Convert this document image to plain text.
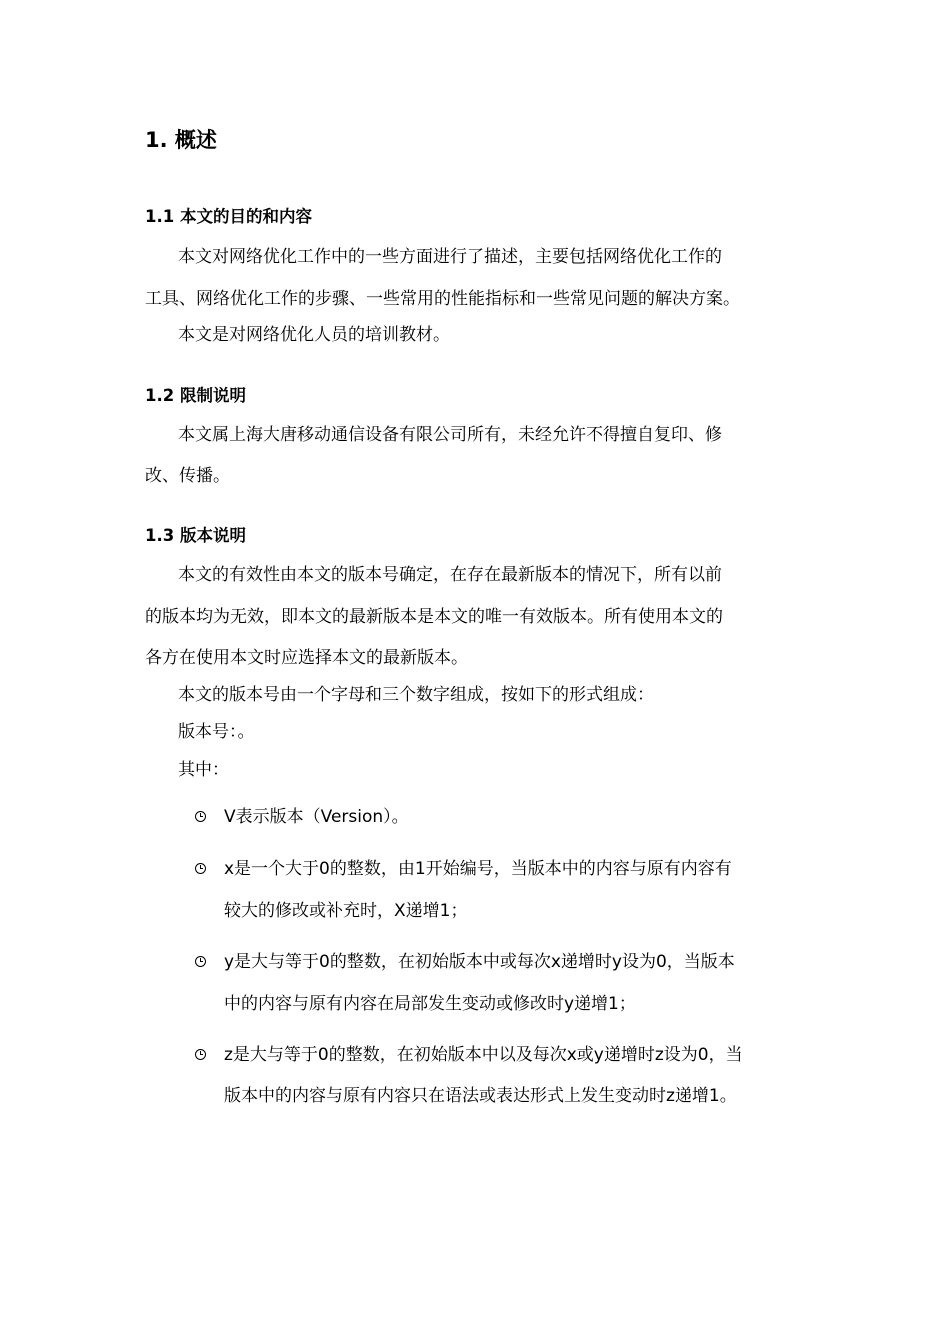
1. 概述
1.1 本文的目的和内容
本文对网络优化工作中的一些方面进行了描述，主要包括网络优化工作的
工具、网络优化工作的步骤、一些常用的性能指标和一些常见问题的解决方案。
本文是对网络优化人员的培训教材。
1.2 限制说明
本文属上海大唐移动通信设备有限公司所有，未经允许不得擅自复印、修
改、传播。
1.3 版本说明
本文的有效性由本文的版本号确定，在存在最新版本的情况下，所有以前
的版本均为无效，即本文的最新版本是本文的唯一有效版本。所有使用本文的
各方在使用本文时应选择本文的最新版本。
本文的版本号由一个字母和三个数字组成，按如下的形式组成：
版本号：。
其中：
V表示版本（Version）。
x是一个大于0的整数，由1开始编号，当版本中的内容与原有内容有
较大的修改或补充时，X递增1；
y是大与等于0的整数，在初始版本中或每次x递增时y设为0，当版本
中的内容与原有内容在局部发生变动或修改时y递增1；
z是大与等于0的整数，在初始版本中以及每次x或y递增时z设为0，当
版本中的内容与原有内容只在语法或表达形式上发生变动时z递增1。
